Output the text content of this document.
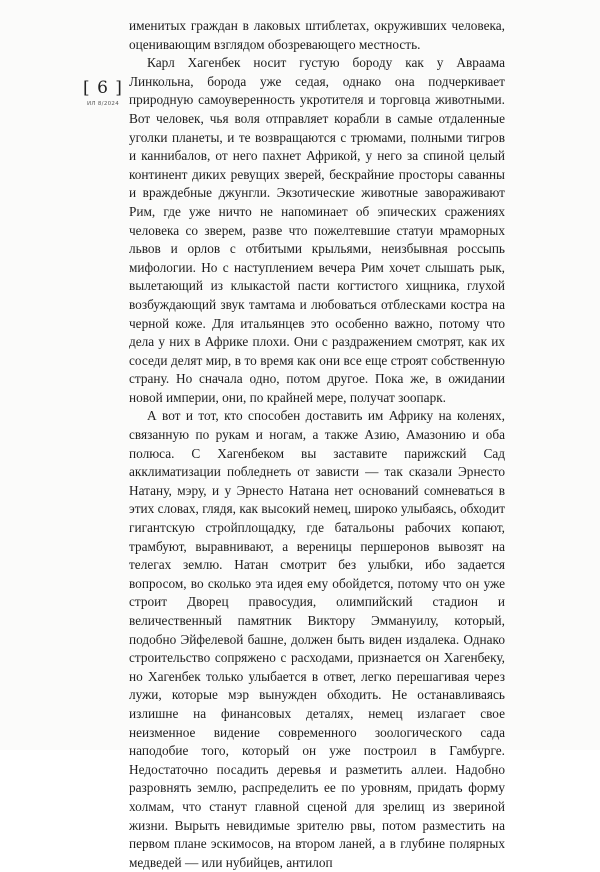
[ 6 ]
ИЛ 8/2024

именитых граждан в лаковых штиблетах, окруживших человека, оценивающим взглядом обозревающего местность.

Карл Хагенбек носит густую бороду как у Авраама Линкольна, борода уже седая, однако она подчеркивает природную самоуверенность укротителя и торговца животными. Вот человек, чья воля отправляет корабли в самые отдаленные уголки планеты, и те возвращаются с трюмами, полными тигров и каннибалов, от него пахнет Африкой, у него за спиной целый континент диких ревущих зверей, бескрайние просторы саванны и враждебные джунгли. Экзотические животные завораживают Рим, где уже ничто не напоминает об эпических сражениях человека со зверем, разве что пожелтевшие статуи мраморных львов и орлов с отбитыми крыльями, неизбывная россыпь мифологии. Но с наступлением вечера Рим хочет слышать рык, вылетающий из клыкастой пасти когтистого хищника, глухой возбуждающий звук тамтама и любоваться отблесками костра на черной коже. Для итальянцев это особенно важно, потому что дела у них в Африке плохи. Они с раздражением смотрят, как их соседи делят мир, в то время как они все еще строят собственную страну. Но сначала одно, потом другое. Пока же, в ожидании новой империи, они, по крайней мере, получат зоопарк.

А вот и тот, кто способен доставить им Африку на коленях, связанную по рукам и ногам, а также Азию, Амазонию и оба полюса. С Хагенбеком вы заставите парижский Сад акклиматизации побледнеть от зависти — так сказали Эрнесто Натану, мэру, и у Эрнесто Натана нет оснований сомневаться в этих словах, глядя, как высокий немец, широко улыбаясь, обходит гигантскую стройплощадку, где батальоны рабочих копают, трамбуют, выравнивают, а вереницы першеронов вывозят на телегах землю. Натан смотрит без улыбки, ибо задается вопросом, во сколько эта идея ему обойдется, потому что он уже строит Дворец правосудия, олимпийский стадион и величественный памятник Виктору Эммануилу, который, подобно Эйфелевой башне, должен быть виден издалека. Однако строительство сопряжено с расходами, признается он Хагенбеку, но Хагенбек только улыбается в ответ, легко перешагивая через лужи, которые мэр вынужден обходить. Не останавливаясь излишне на финансовых деталях, немец излагает свое неизменное видение современного зоологического сада наподобие того, который он уже построил в Гамбурге. Недостаточно посадить деревья и разметить аллеи. Надобно разровнять землю, распределить ее по уровням, придать форму холмам, что станут главной сценой для зрелищ из звериной жизни. Вырыть невидимые зрителю рвы, потом разместить на первом плане эскимосов, на втором ланей, а в глубине полярных медведей — или нубийцев, антилоп
